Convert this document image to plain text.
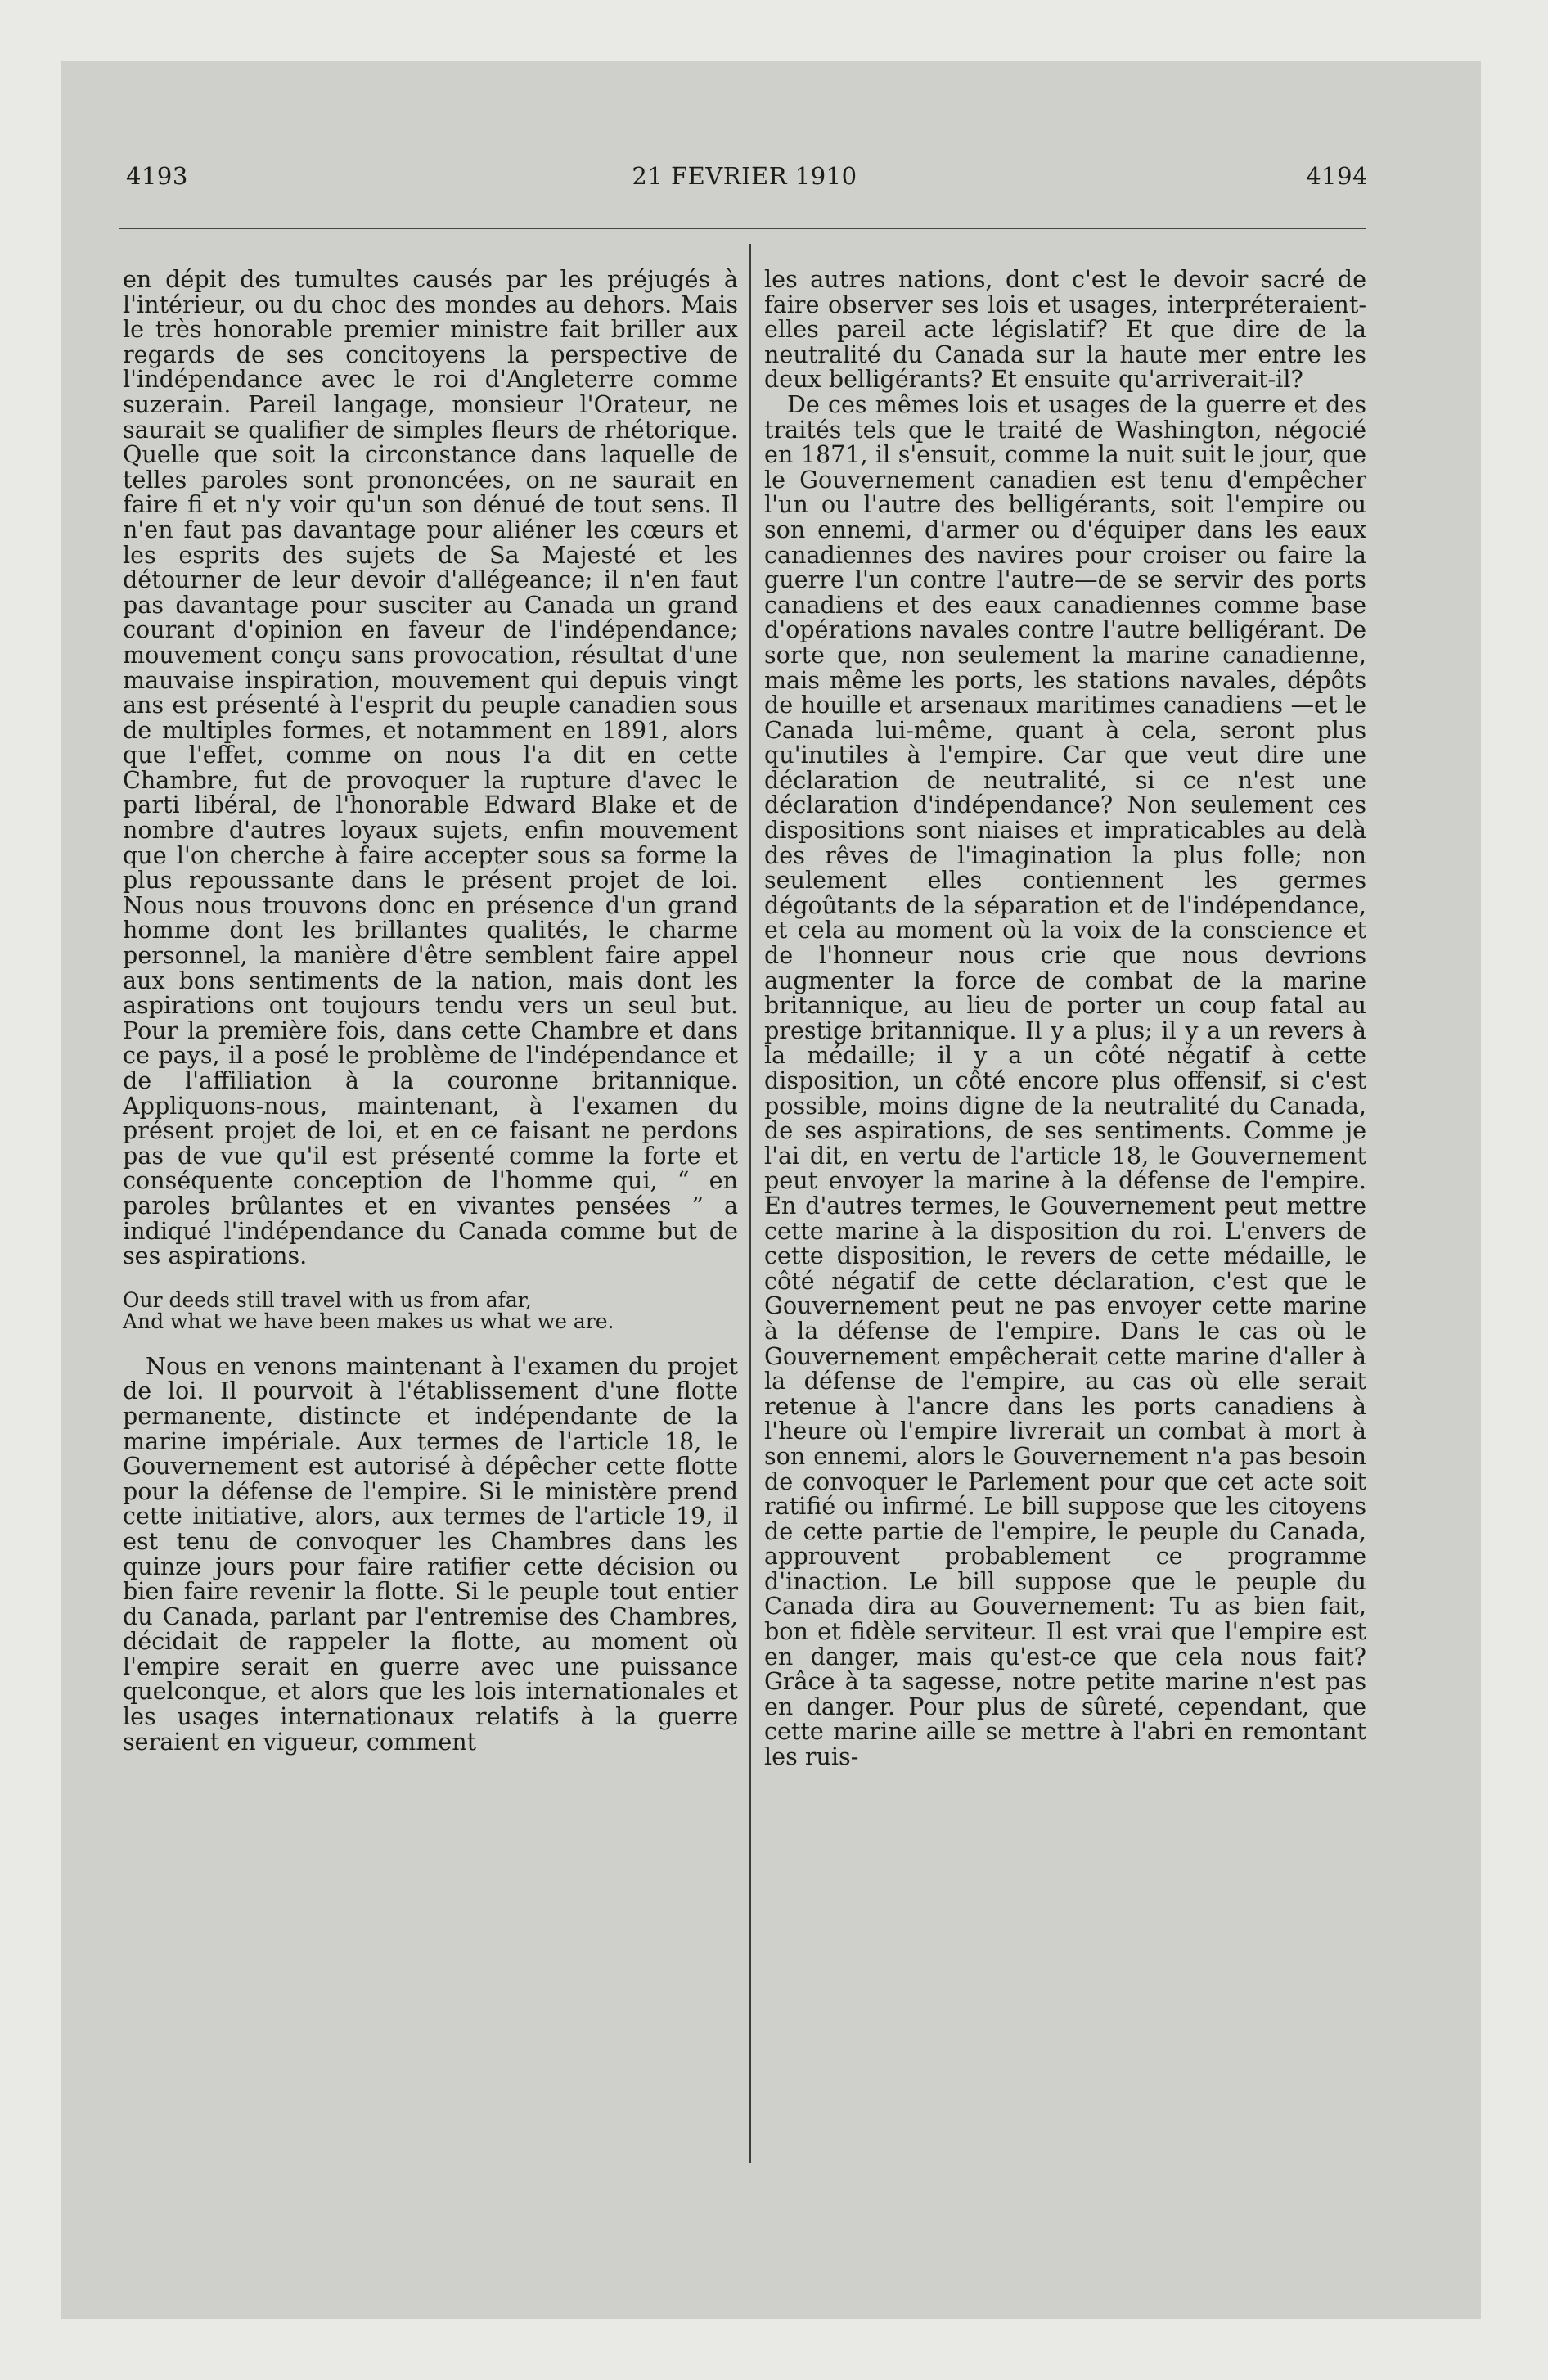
4193	21 FEVRIER 1910	4194

en dépit des tumultes causés par les préjugés à l'intérieur, ou du choc des mondes au dehors. Mais le très honorable premier ministre fait briller aux regards de ses concitoyens la perspective de l'indépendance avec le roi d'Angleterre comme suzerain. Pareil langage, monsieur l'Orateur, ne saurait se qualifier de simples fleurs de rhétorique. Quelle que soit la circonstance dans laquelle de telles paroles sont prononcées, on ne saurait en faire fi et n'y voir qu'un son dénué de tout sens. Il n'en faut pas davantage pour aliéner les cœurs et les esprits des sujets de Sa Majesté et les détourner de leur devoir d'allégeance; il n'en faut pas davantage pour susciter au Canada un grand courant d'opinion en faveur de l'indépendance; mouvement conçu sans provocation, résultat d'une mauvaise inspiration, mouvement qui depuis vingt ans est présenté à l'esprit du peuple canadien sous de multiples formes, et notamment en 1891, alors que l'effet, comme on nous l'a dit en cette Chambre, fut de provoquer la rupture d'avec le parti libéral, de l'honorable Edward Blake et de nombre d'autres loyaux sujets, enfin mouvement que l'on cherche à faire accepter sous sa forme la plus repoussante dans le présent projet de loi. Nous nous trouvons donc en présence d'un grand homme dont les brillantes qualités, le charme personnel, la manière d'être semblent faire appel aux bons sentiments de la nation, mais dont les aspirations ont toujours tendu vers un seul but. Pour la première fois, dans cette Chambre et dans ce pays, il a posé le problème de l'indépendance et de l'affiliation à la couronne britannique. Appliquons-nous, maintenant, à l'examen du présent projet de loi, et en ce faisant ne perdons pas de vue qu'il est présenté comme la forte et conséquente conception de l'homme qui, “ en paroles brûlantes et en vivantes pensées ” a indiqué l'indépendance du Canada comme but de ses aspirations.

Our deeds still travel with us from afar,
And what we have been makes us what we are.

Nous en venons maintenant à l'examen du projet de loi. Il pourvoit à l'établissement d'une flotte permanente, distincte et indépendante de la marine impériale. Aux termes de l'article 18, le Gouvernement est autorisé à dépêcher cette flotte pour la défense de l'empire. Si le ministère prend cette initiative, alors, aux termes de l'article 19, il est tenu de convoquer les Chambres dans les quinze jours pour faire ratifier cette décision ou bien faire revenir la flotte. Si le peuple tout entier du Canada, parlant par l'entremise des Chambres, décidait de rappeler la flotte, au moment où l'empire serait en guerre avec une puissance quelconque, et alors que les lois internationales et les usages internationaux relatifs à la guerre seraient en vigueur, comment

les autres nations, dont c'est le devoir sacré de faire observer ses lois et usages, interpréteraient-elles pareil acte législatif? Et que dire de la neutralité du Canada sur la haute mer entre les deux belligérants? Et ensuite qu'arriverait-il?

De ces mêmes lois et usages de la guerre et des traités tels que le traité de Washington, négocié en 1871, il s'ensuit, comme la nuit suit le jour, que le Gouvernement canadien est tenu d'empêcher l'un ou l'autre des belligérants, soit l'empire ou son ennemi, d'armer ou d'équiper dans les eaux canadiennes des navires pour croiser ou faire la guerre l'un contre l'autre—de se servir des ports canadiens et des eaux canadiennes comme base d'opérations navales contre l'autre belligérant. De sorte que, non seulement la marine canadienne, mais même les ports, les stations navales, dépôts de houille et arsenaux maritimes canadiens —et le Canada lui-même, quant à cela, seront plus qu'inutiles à l'empire. Car que veut dire une déclaration de neutralité, si ce n'est une déclaration d'indépendance? Non seulement ces dispositions sont niaises et impraticables au delà des rêves de l'imagination la plus folle; non seulement elles contiennent les germes dégoûtants de la séparation et de l'indépendance, et cela au moment où la voix de la conscience et de l'honneur nous crie que nous devrions augmenter la force de combat de la marine britannique, au lieu de porter un coup fatal au prestige britannique. Il y a plus; il y a un revers à la médaille; il y a un côté négatif à cette disposition, un côté encore plus offensif, si c'est possible, moins digne de la neutralité du Canada, de ses aspirations, de ses sentiments. Comme je l'ai dit, en vertu de l'article 18, le Gouvernement peut envoyer la marine à la défense de l'empire. En d'autres termes, le Gouvernement peut mettre cette marine à la disposition du roi. L'envers de cette disposition, le revers de cette médaille, le côté négatif de cette déclaration, c'est que le Gouvernement peut ne pas envoyer cette marine à la défense de l'empire. Dans le cas où le Gouvernement empêcherait cette marine d'aller à la défense de l'empire, au cas où elle serait retenue à l'ancre dans les ports canadiens à l'heure où l'empire livrerait un combat à mort à son ennemi, alors le Gouvernement n'a pas besoin de convoquer le Parlement pour que cet acte soit ratifié ou infirmé. Le bill suppose que les citoyens de cette partie de l'empire, le peuple du Canada, approuvent probablement ce programme d'inaction. Le bill suppose que le peuple du Canada dira au Gouvernement: Tu as bien fait, bon et fidèle serviteur. Il est vrai que l'empire est en danger, mais qu'est-ce que cela nous fait? Grâce à ta sagesse, notre petite marine n'est pas en danger. Pour plus de sûreté, cependant, que cette marine aille se mettre à l'abri en remontant les ruis-
